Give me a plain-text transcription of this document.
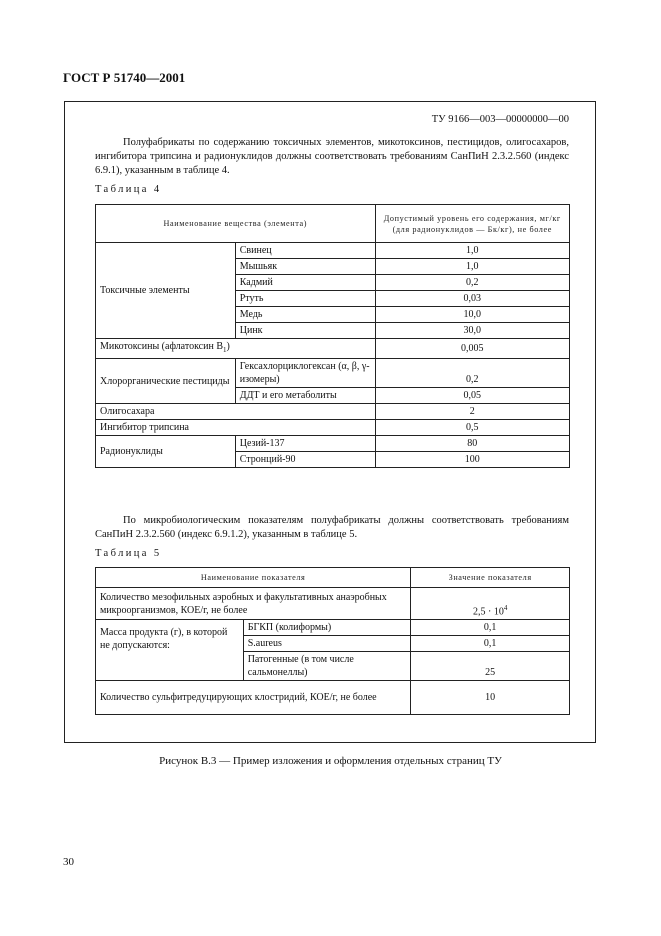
ГОСТ Р 51740—2001
ТУ 9166—003—00000000—00
Полуфабрикаты по содержанию токсичных элементов, микотоксинов, пестицидов, олигосахаров, ингибитора трипсина и радионуклидов должны соответствовать требованиям СанПиН 2.3.2.560 (индекс 6.9.1), указанным в таблице 4.
Таблица 4
Наименование вещества (элемента)		Допустимый уровень его содержания, мг/кг (для радионуклидов — Бк/кг), не более
Токсичные элементы	Свинец	1,0
	Мышьяк	1,0
	Кадмий	0,2
	Ртуть	0,03
	Медь	10,0
	Цинк	30,0
Микотоксины (афлатоксин $В_1$)		0,005
Хлорорганические пестициды	Гексахлорциклогексан (α, β, γ-изомеры)	0,2
	ДДТ и его метаболиты	0,05
Олигосахара		2
Ингибитор трипсина		0,5
Радионуклиды	Цезий-137	80
	Стронций-90	100
По микробиологическим показателям полуфабрикаты должны соответствовать требованиям СанПиН 2.3.2.560 (индекс 6.9.1.2), указанным в таблице 5.
Таблица 5
Наименование показателя		Значение показателя
Количество мезофильных аэробных и факультативных анаэробных микроорганизмов, КОЕ/г, не более		$2,5 \cdot 10^4$
Масса продукта (г), в которой не допускаются:	БГКП (колиформы)	0,1
	S.aureus	0,1
	Патогенные (в том числе сальмонеллы)	25
Количество сульфитредуцирующих клостридий, КОЕ/г, не более		10
Рисунок В.3 — Пример изложения и оформления отдельных страниц ТУ
30
